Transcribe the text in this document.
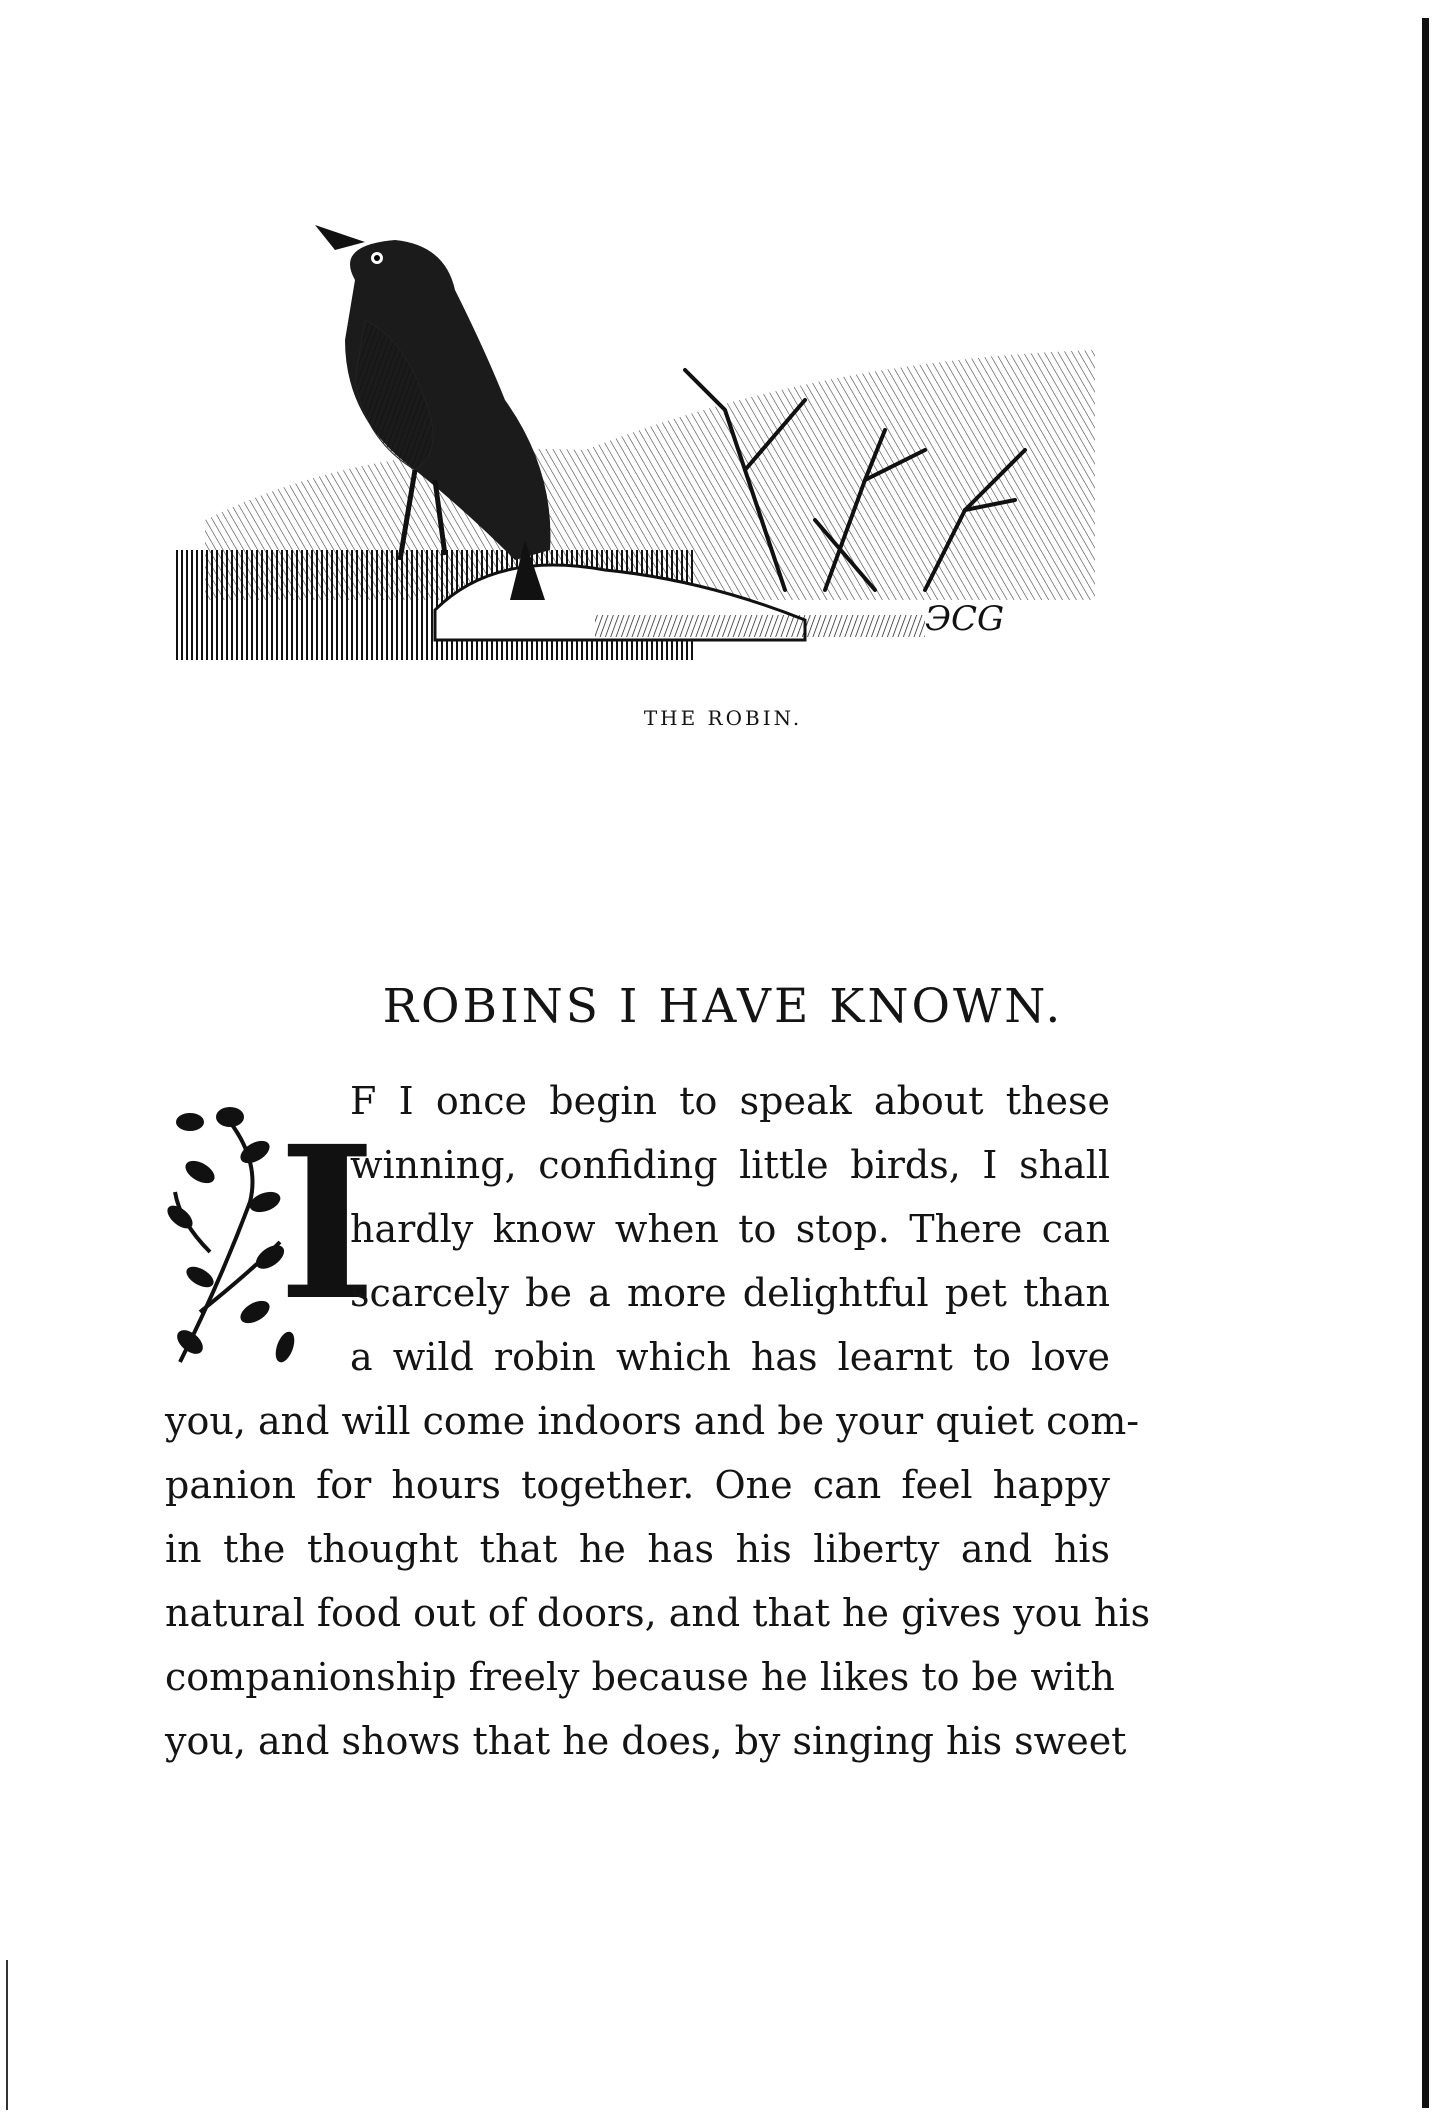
ЭCG
THE ROBIN.
ROBINS I HAVE KNOWN.
I
F I once begin to speak about these
winning, confiding little birds, I shall
hardly know when to stop. There can
scarcely be a more delightful pet than
a wild robin which has learnt to love
you, and will come indoors and be your quiet com-
panion for hours together. One can feel happy
in the thought that he has his liberty and his
natural food out of doors, and that he gives you his
companionship freely because he likes to be with
you, and shows that he does, by singing his sweet
